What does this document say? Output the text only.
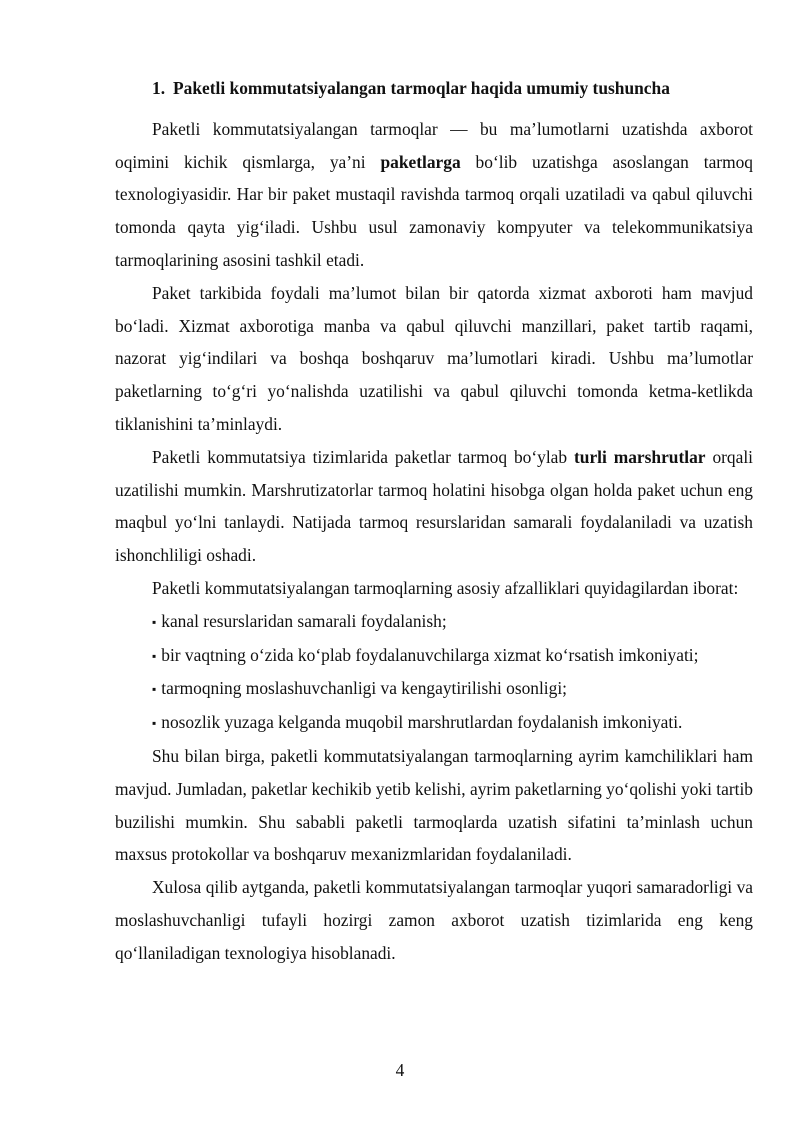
1. Paketli kommutatsiyalangan tarmoqlar haqida umumiy tushuncha

Paketli kommutatsiyalangan tarmoqlar — bu ma’lumotlarni uzatishda axborot oqimini kichik qismlarga, ya’ni paketlarga bo‘lib uzatishga asoslangan tarmoq texnologiyasidir. Har bir paket mustaqil ravishda tarmoq orqali uzatiladi va qabul qiluvchi tomonda qayta yig‘iladi. Ushbu usul zamonaviy kompyuter va telekommunikatsiya tarmoqlarining asosini tashkil etadi.

Paket tarkibida foydali ma’lumot bilan bir qatorda xizmat axboroti ham mavjud bo‘ladi. Xizmat axborotiga manba va qabul qiluvchi manzillari, paket tartib raqami, nazorat yig‘indilari va boshqa boshqaruv ma’lumotlari kiradi. Ushbu ma’lumotlar paketlarning to‘g‘ri yo‘nalishda uzatilishi va qabul qiluvchi tomonda ketma-ketlikda tiklanishini ta’minlaydi.

Paketli kommutatsiya tizimlarida paketlar tarmoq bo‘ylab turli marshrutlar orqali uzatilishi mumkin. Marshrutizatorlar tarmoq holatini hisobga olgan holda paket uchun eng maqbul yo‘lni tanlaydi. Natijada tarmoq resurslaridan samarali foydalaniladi va uzatish ishonchliligi oshadi.

Paketli kommutatsiyalangan tarmoqlarning asosiy afzalliklari quyidagilardan iborat:

▪ kanal resurslaridan samarali foydalanish;
▪ bir vaqtning o‘zida ko‘plab foydalanuvchilarga xizmat ko‘rsatish imkoniyati;
▪ tarmoqning moslashuvchanligi va kengaytirilishi osonligi;
▪ nosozlik yuzaga kelganda muqobil marshrutlardan foydalanish imkoniyati.

Shu bilan birga, paketli kommutatsiyalangan tarmoqlarning ayrim kamchiliklari ham mavjud. Jumladan, paketlar kechikib yetib kelishi, ayrim paketlarning yo‘qolishi yoki tartib buzilishi mumkin. Shu sababli paketli tarmoqlarda uzatish sifatini ta’minlash uchun maxsus protokollar va boshqaruv mexanizmlaridan foydalaniladi.

Xulosa qilib aytganda, paketli kommutatsiyalangan tarmoqlar yuqori samaradorligi va moslashuvchanligi tufayli hozirgi zamon axborot uzatish tizimlarida eng keng qo‘llaniladigan texnologiya hisoblanadi.

4
